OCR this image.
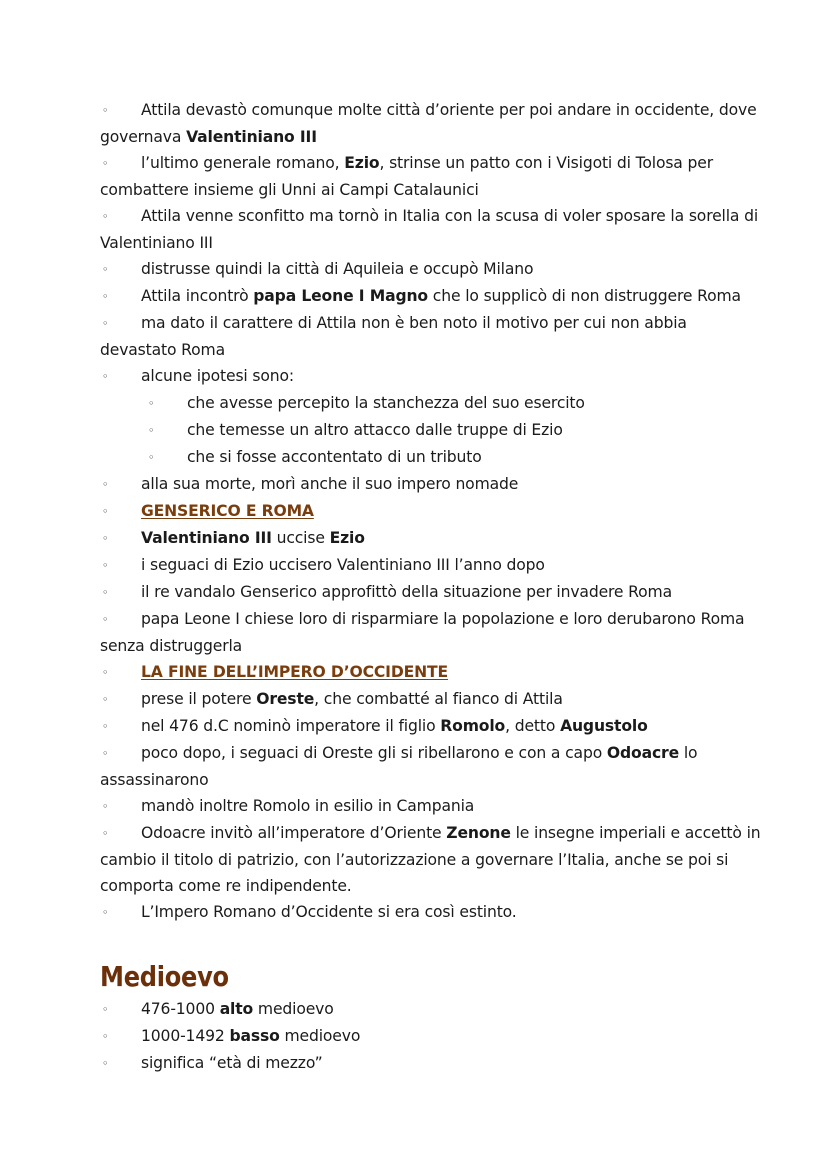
◦ Attila devastò comunque molte città d’oriente per poi andare in occidente, dove governava Valentiniano III

◦ l’ultimo generale romano, Ezio, strinse un patto con i Visigoti di Tolosa per combattere insieme gli Unni ai Campi Catalaunici

◦ Attila venne sconfitto ma tornò in Italia con la scusa di voler sposare la sorella di Valentiniano III

◦ distrusse quindi la città di Aquileia e occupò Milano

◦ Attila incontrò papa Leone I Magno che lo supplicò di non distruggere Roma

◦ ma dato il carattere di Attila non è ben noto il motivo per cui non abbia devastato Roma

◦ alcune ipotesi sono:

◦ che avesse percepito la stanchezza del suo esercito

◦ che temesse un altro attacco dalle truppe di Ezio

◦ che si fosse accontentato di un tributo

◦ alla sua morte, morì anche il suo impero nomade

◦ GENSERICO E ROMA

◦ Valentiniano III uccise Ezio

◦ i seguaci di Ezio uccisero Valentiniano III l’anno dopo

◦ il re vandalo Genserico approfittò della situazione per invadere Roma

◦ papa Leone I chiese loro di risparmiare la popolazione e loro derubarono Roma senza distruggerla

◦ LA FINE DELL’IMPERO D’OCCIDENTE

◦ prese il potere Oreste, che combatté al fianco di Attila

◦ nel 476 d.C nominò imperatore il figlio Romolo, detto Augustolo

◦ poco dopo, i seguaci di Oreste gli si ribellarono e con a capo Odoacre lo assassinarono

◦ mandò inoltre Romolo in esilio in Campania

◦ Odoacre invitò all’imperatore d’Oriente Zenone le insegne imperiali e accettò in cambio il titolo di patrizio, con l’autorizzazione a governare l’Italia, anche se poi si comporta come re indipendente.

◦ L’Impero Romano d’Occidente si era così estinto.

Medioevo

◦ 476-1000 alto medioevo

◦ 1000-1492 basso medioevo

◦ significa “età di mezzo”
